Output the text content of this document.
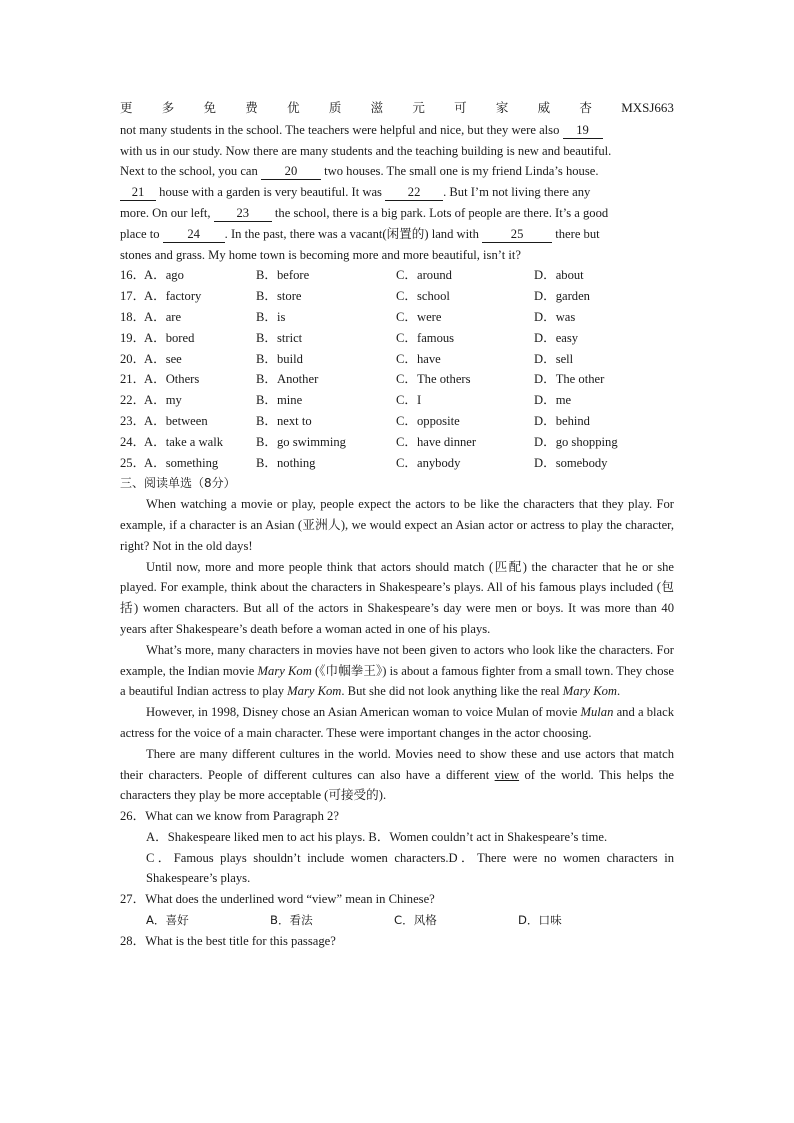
更 多 免 费 优 质 滋 元 可 家 威 杏 MXSJ663

not many students in the school. The teachers were helpful and nice, but they were also 19

with us in our study. Now there are many students and the teaching building is new and beautiful.

Next to the school, you can 20 two houses. The small one is my friend Linda’s house.

21 house with a garden is very beautiful. It was 22 . But I’m not living there any

more. On our left, 23 the school, there is a big park. Lots of people are there. It’s a good

place to 24 . In the past, there was a vacant(闲置的) land with	25	there but

stones and grass. My home town is becoming more and more beautiful, isn’t it?

16．
A．ago	B．before	C．around	D．about
17．
A．factory	B．store	C．school	D．garden
18．
A．are	B．is	C．were	D．was
19．
A．bored	B．strict	C．famous	D．easy
20．
A．see	B．build	C．have	D．sell
21．
A．Others	B．Another	C．The others	D．The other
22．
A．my	B．mine	C．I	D．me
23．
A．between	B．next to	C．opposite	D．behind
24．
A．take a walk	B．go swimming	C．have dinner	D．go shopping
25．
A．something	B．nothing	C．anybody	D．somebody
三、阅读单选（8分）

When watching a movie or play, people expect the actors to be like the characters that they play. For example, if a character is an Asian (亚洲人), we would expect an Asian actor or actress to play the character, right? Not in the old days!

Until now, more and more people think that actors should match (匹配) the character that he or she played. For example, think about the characters in Shakespeare’s plays. All of his famous plays included (包括) women characters. But all of the actors in Shakespeare’s day were men or boys. It was more than 40 years after Shakespeare’s death before a woman acted in one of his plays.

What’s more, many characters in movies have not been given to actors who look like the characters. For example, the Indian movie Mary Kom (《巾帼拳王》) is about a famous fighter from a small town. They chose a beautiful Indian actress to play Mary Kom. But she did not look anything like the real Mary Kom.

However, in 1998, Disney chose an Asian American woman to voice Mulan of movie Mulan and a black actress for the voice of a main character. These were important changes in the actor choosing.

There are many different cultures in the world. Movies need to show these and use actors that match their characters. People of different cultures can also have a different view of the world. This helps the characters they play be more acceptable (可接受的).

26．What can we know from Paragraph 2?

A．Shakespeare liked men to act his plays. B．Women couldn’t act in Shakespeare’s time.

C．Famous plays shouldn’t include women characters.D．There were no women characters in Shakespeare’s plays.

27．What does the underlined word “view” mean in Chinese?

A．喜好	B．看法	C．风格	D．口味

28．What is the best title for this passage?
